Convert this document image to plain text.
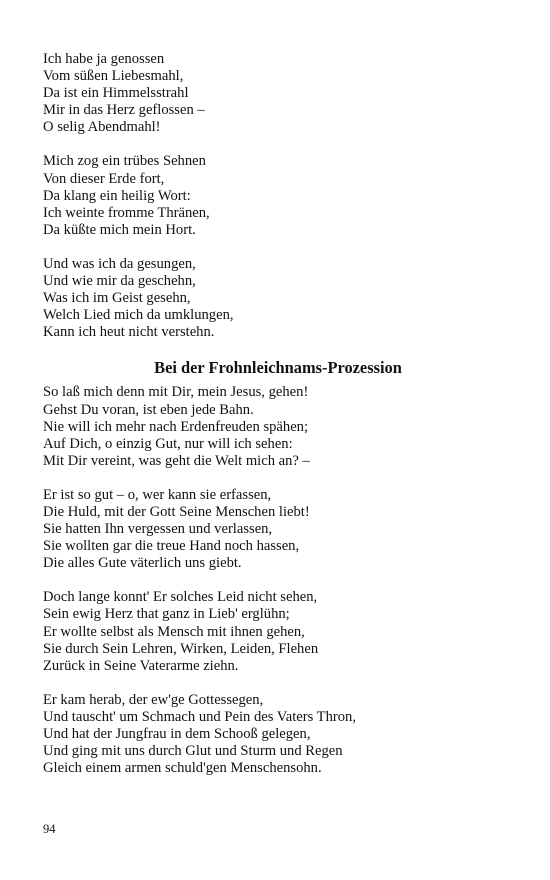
Ich habe ja genossen
Vom süßen Liebesmahl,
Da ist ein Himmelsstrahl
Mir in das Herz geflossen –
O selig Abendmahl!
Mich zog ein trübes Sehnen
Von dieser Erde fort,
Da klang ein heilig Wort:
Ich weinte fromme Thränen,
Da küßte mich mein Hort.
Und was ich da gesungen,
Und wie mir da geschehn,
Was ich im Geist gesehn,
Welch Lied mich da umklungen,
Kann ich heut nicht verstehn.
Bei der Frohnleichnams-Prozession
So laß mich denn mit Dir, mein Jesus, gehen!
Gehst Du voran, ist eben jede Bahn.
Nie will ich mehr nach Erdenfreuden spähen;
Auf Dich, o einzig Gut, nur will ich sehen:
Mit Dir vereint, was geht die Welt mich an? –
Er ist so gut – o, wer kann sie erfassen,
Die Huld, mit der Gott Seine Menschen liebt!
Sie hatten Ihn vergessen und verlassen,
Sie wollten gar die treue Hand noch hassen,
Die alles Gute väterlich uns giebt.
Doch lange konnt' Er solches Leid nicht sehen,
Sein ewig Herz that ganz in Lieb' erglühn;
Er wollte selbst als Mensch mit ihnen gehen,
Sie durch Sein Lehren, Wirken, Leiden, Flehen
Zurück in Seine Vaterarme ziehn.
Er kam herab, der ew'ge Gottessegen,
Und tauscht' um Schmach und Pein des Vaters Thron,
Und hat der Jungfrau in dem Schooß gelegen,
Und ging mit uns durch Glut und Sturm und Regen
Gleich einem armen schuld'gen Menschensohn.
94
